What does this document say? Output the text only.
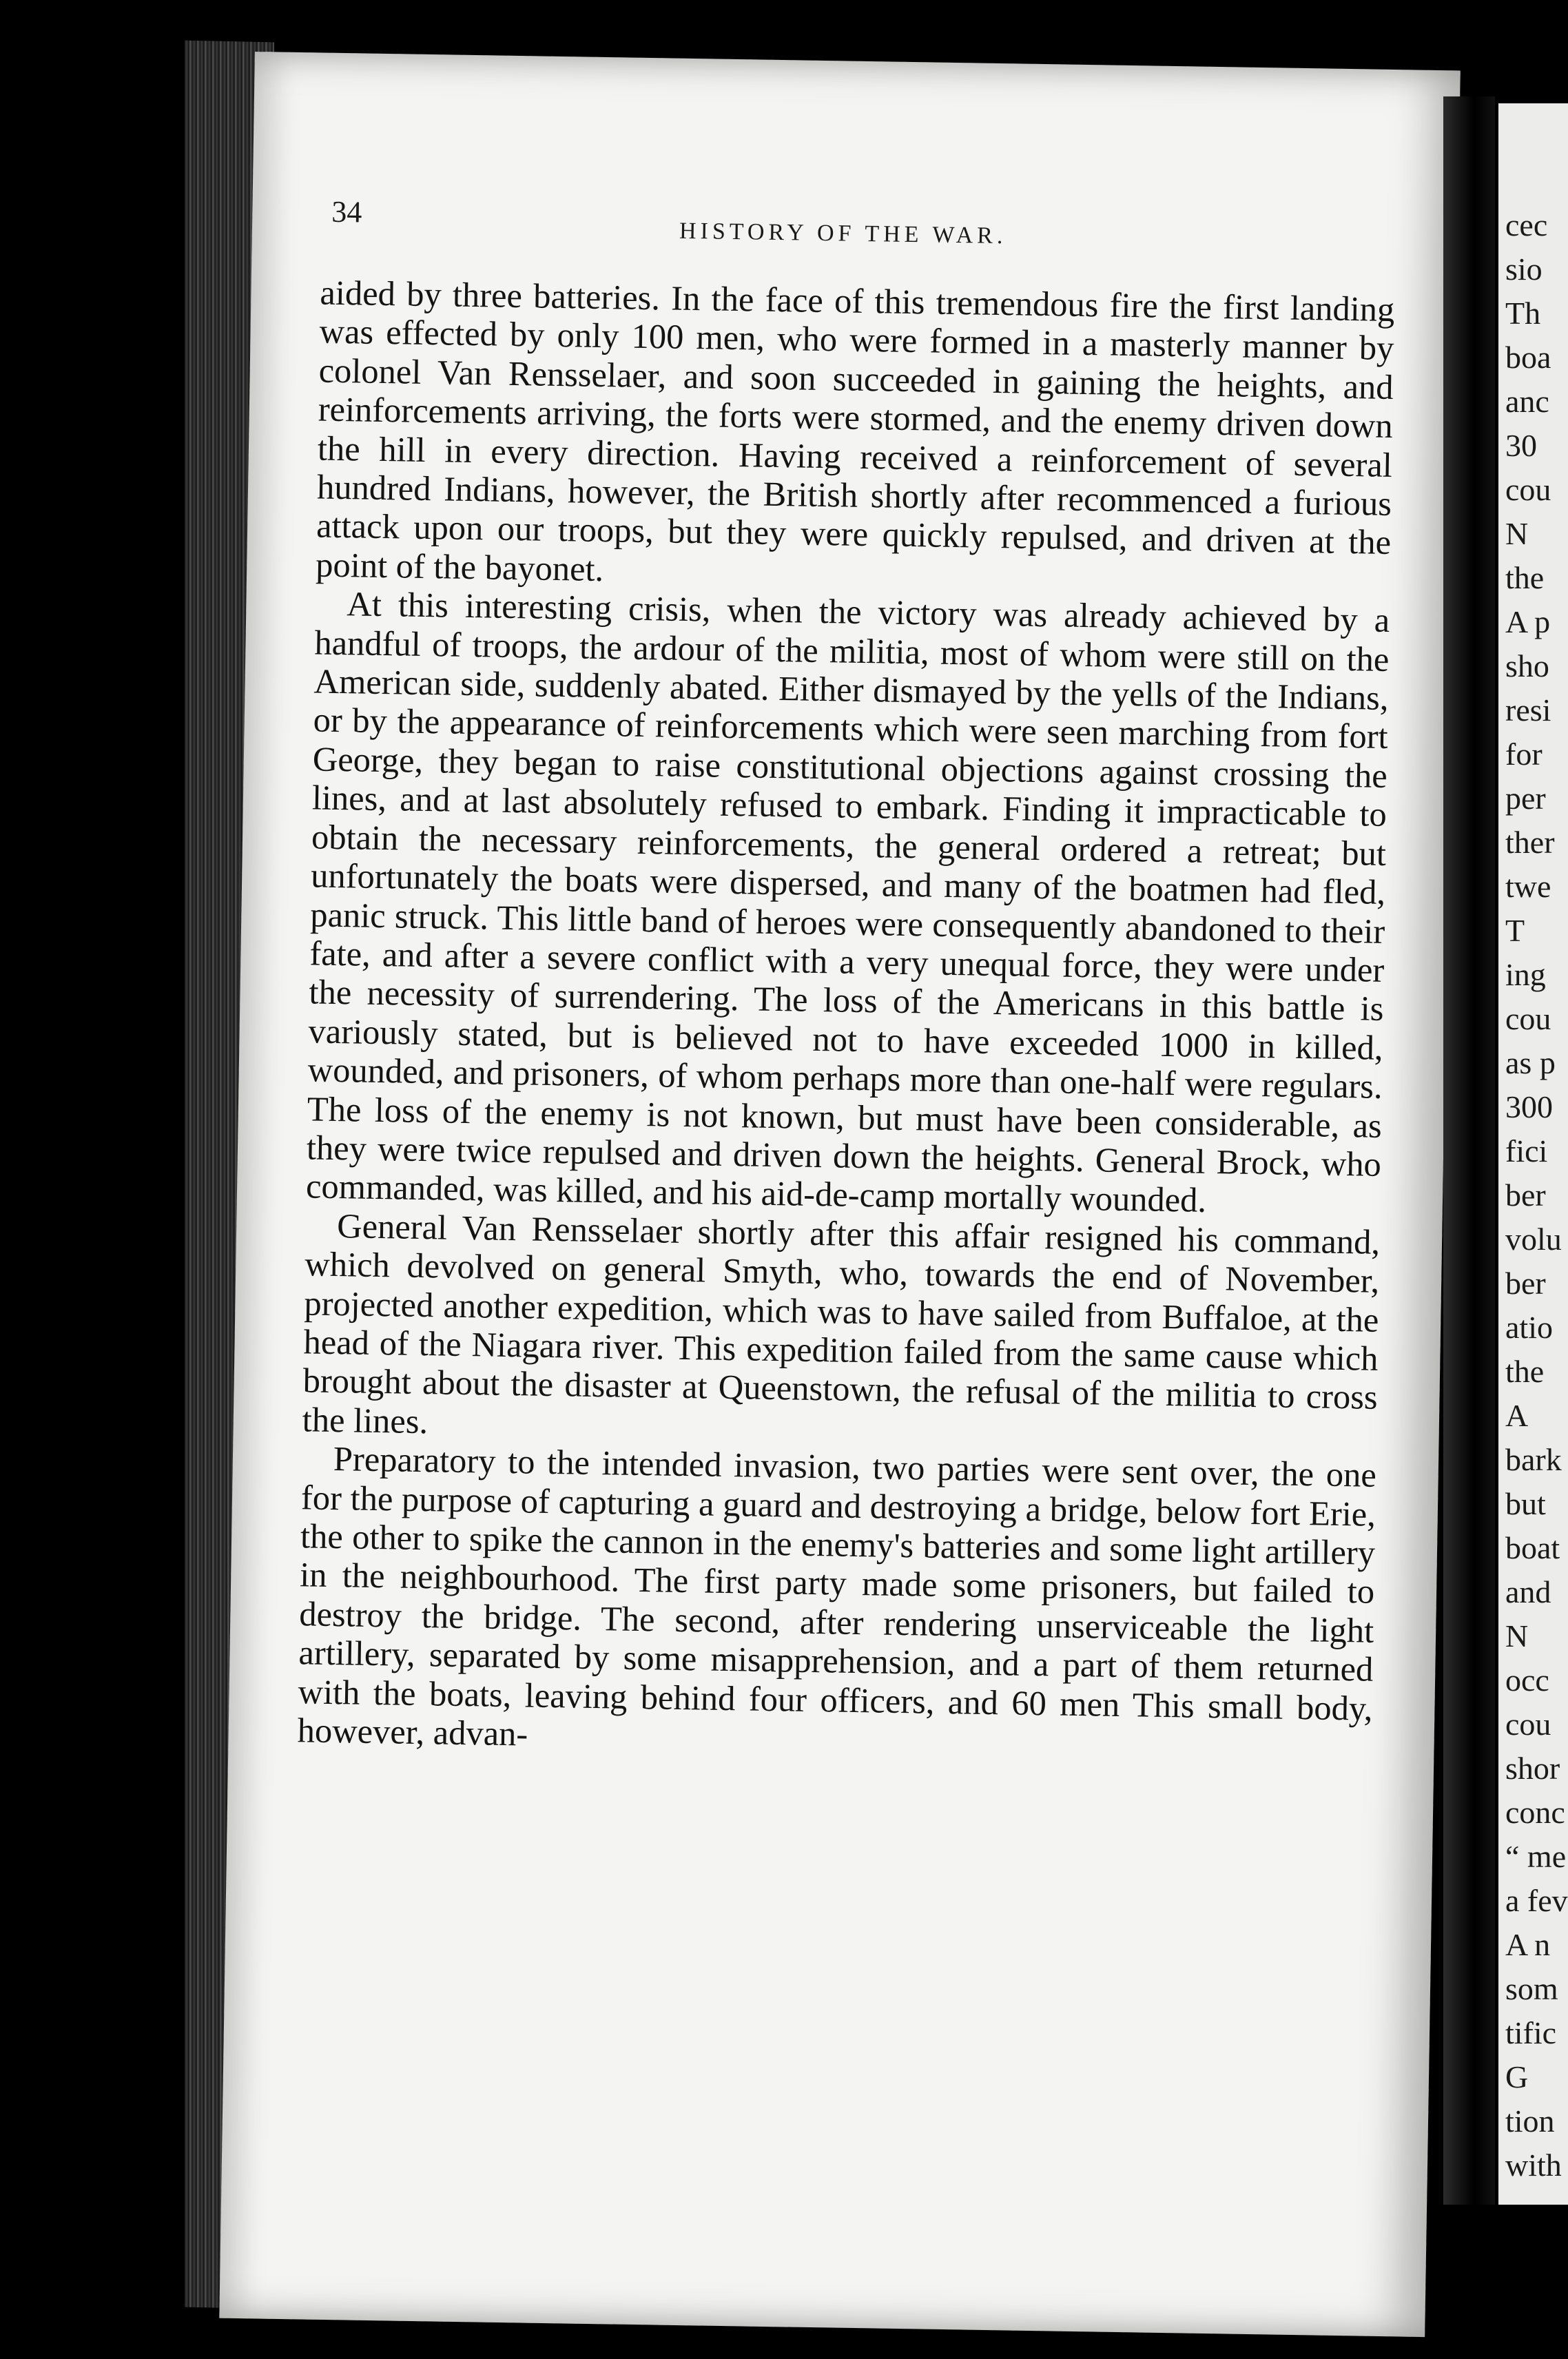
34
HISTORY OF THE WAR.

aided by three batteries. In the face of this tremendous fire the first landing was effected by only 100 men, who were formed in a masterly manner by colonel Van Rensselaer, and soon succeeded in gaining the heights, and reinforcements arriving, the forts were stormed, and the enemy driven down the hill in every direction. Having received a reinforcement of several hundred Indians, however, the British shortly after recommenced a furious attack upon our troops, but they were quickly repulsed, and driven at the point of the bayonet.

At this interesting crisis, when the victory was already achieved by a handful of troops, the ardour of the militia, most of whom were still on the American side, suddenly abated. Either dismayed by the yells of the Indians, or by the appearance of reinforcements which were seen marching from fort George, they began to raise constitutional objections against crossing the lines, and at last absolutely refused to embark. Finding it impracticable to obtain the necessary reinforcements, the general ordered a retreat; but unfortunately the boats were dispersed, and many of the boatmen had fled, panic struck. This little band of heroes were consequently abandoned to their fate, and after a severe conflict with a very unequal force, they were under the necessity of surrendering. The loss of the Americans in this battle is variously stated, but is believed not to have exceeded 1000 in killed, wounded, and prisoners, of whom perhaps more than one-half were regulars. The loss of the enemy is not known, but must have been considerable, as they were twice repulsed and driven down the heights. General Brock, who commanded, was killed, and his aid-de-camp mortally wounded.

General Van Rensselaer shortly after this affair resigned his command, which devolved on general Smyth, who, towards the end of November, projected another expedition, which was to have sailed from Buffaloe, at the head of the Niagara river. This expedition failed from the same cause which brought about the disaster at Queenstown, the refusal of the militia to cross the lines.

Preparatory to the intended invasion, two parties were sent over, the one for the purpose of capturing a guard and destroying a bridge, below fort Erie, the other to spike the cannon in the enemy's batteries and some light artillery in the neighbourhood. The first party made some prisoners, but failed to destroy the bridge. The second, after rendering unserviceable the light artillery, separated by some misapprehension, and a part of them returned with the boats, leaving behind four officers, and 60 men This small body, however, advan-

cec
sio
Th
boa
anc
30
cou
N
the
A p
sho
resi
for
per
ther
twe
T
ing
cou
as p
300
fici
ber
volu
ber
atio
the
A
bark
but
boat
and
N
occ
cou
shor
conc
“ me
a fev
A n
som
tific
G
tion
with
